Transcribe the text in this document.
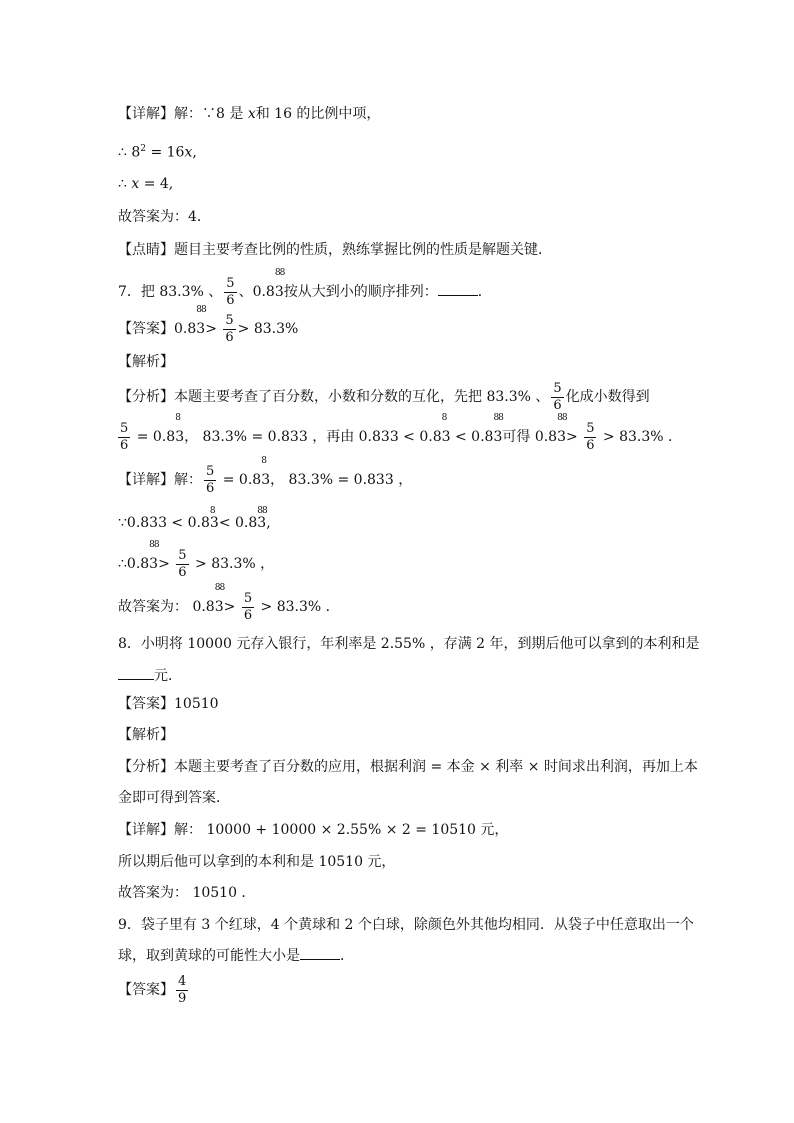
【详解】解：∵8 是 x和 16 的比例中项，
∴ $8^2 = 16x$,
∴ x = 4,
故答案为：4．
【点睛】题目主要考查比例的性质，熟练掌握比例的性质是解题关键．
7．把 83.3% 、 $\frac{5}{6}$ 、0.8
88
3按从大到小的顺序排列：	．
【答案】0.8
88
$3> \frac{5}{6} > 83.3\%$
【解析】
【分析】本题主要考查了百分数，小数和分数的互化，先把 83.3% 、 $\frac{5}{6}$ 化成小数得到
$\frac{5}{6} = 0.8$
8
3， 83.3% = 0.833 ，再由 0.833 < 0.8
8
3 < 0.8
88
3可得 0.8
88
$3> \frac{5}{6} > 83.3\%$ ．
【详解】解： $\frac{5}{6} = 0.8$
8
3， 83.3% = 0.833 ，
∵0.833 < 0.8
8
3< 0.8
88
3,
∴0.8
88
$3> \frac{5}{6} > 83.3\%$ ，
故答案为： 0.8
88
$3> \frac{5}{6} > 83.3\%$ ．
8．小明将 10000 元存入银行，年利率是 2.55% ，存满 2 年，到期后他可以拿到的本利和是
元．
【答案】10510
【解析】
【分析】本题主要考查了百分数的应用，根据利润 = 本金 × 利率 × 时间求出利润，再加上本
金即可得到答案．
【详解】解： 10000 + 10000 × 2.55% × 2 = 10510 元，
所以期后他可以拿到的本利和是 10510 元，
故答案为： 10510 ．
9．袋子里有 3 个红球，4 个黄球和 2 个白球，除颜色外其他均相同．从袋子中任意取出一个
球，取到黄球的可能性大小是	．
【答案】 $\frac{4}{9}$
